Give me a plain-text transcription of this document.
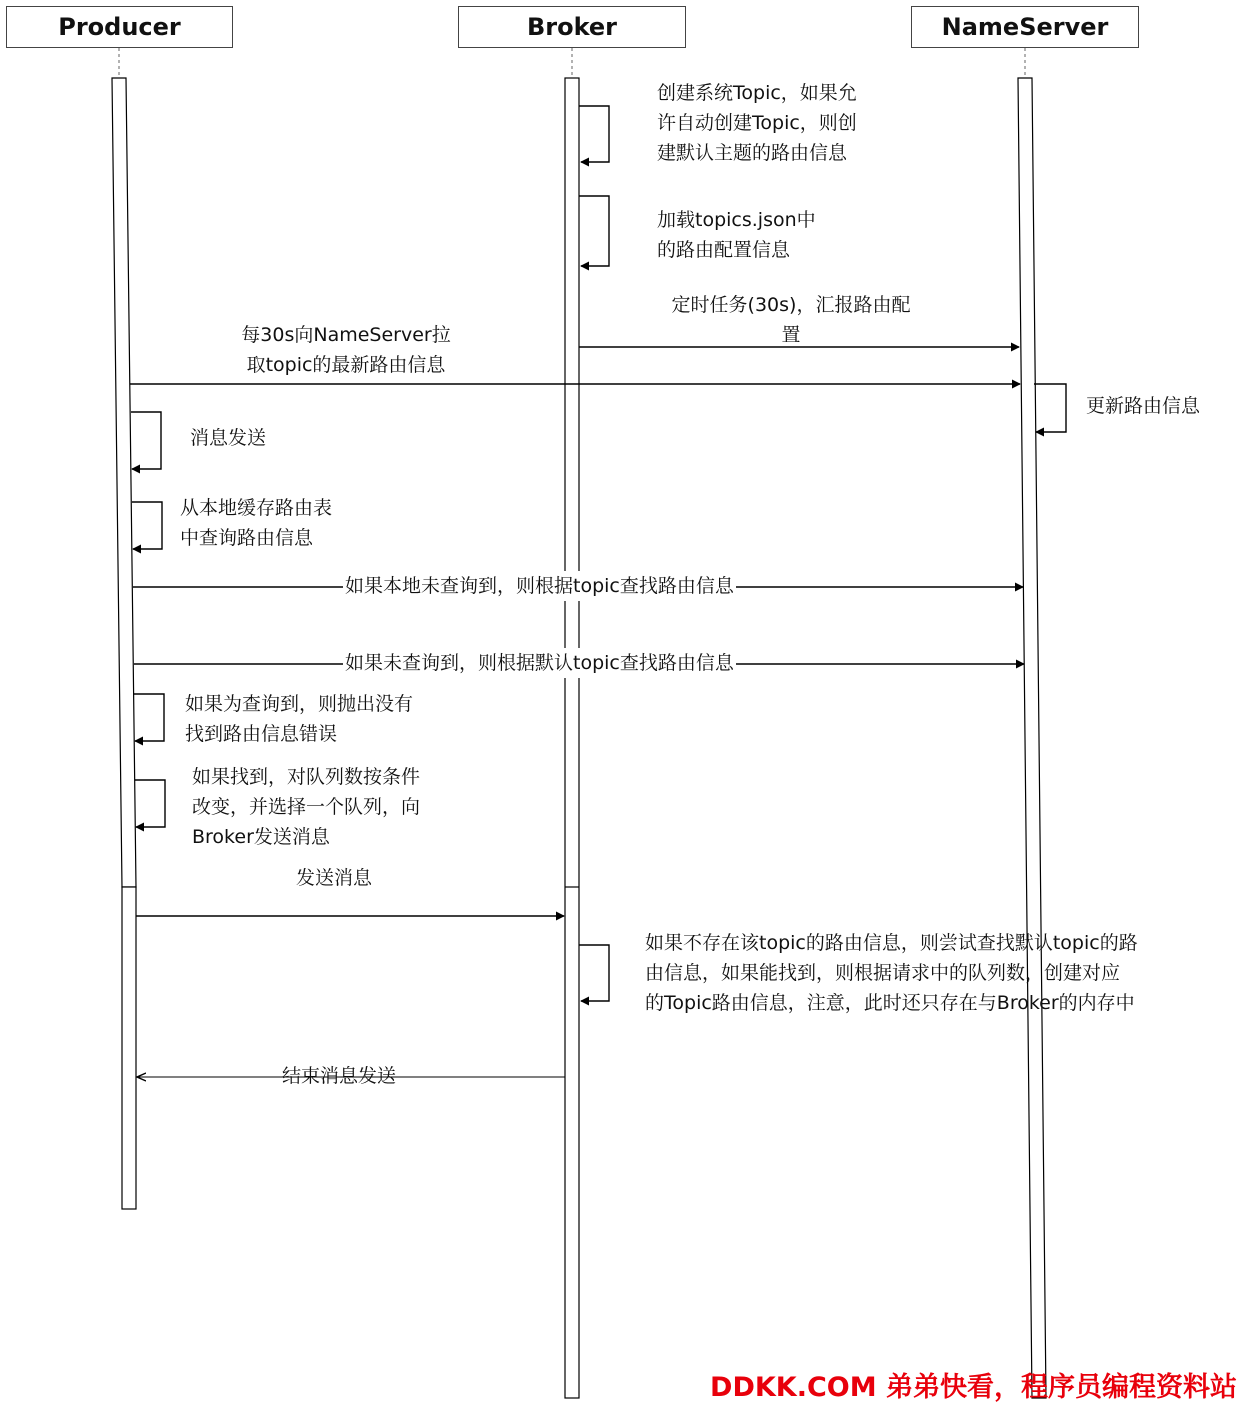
Producer	Broker	NameServer
创建系统Topic，如果允
许自动创建Topic，则创
建默认主题的路由信息
加载topics.json中
的路由配置信息
定时任务(30s)，汇报路由配
置
每30s向NameServer拉
取topic的最新路由信息
更新路由信息
消息发送
从本地缓存路由表
中查询路由信息
如果本地未查询到，则根据topic查找路由信息
如果未查询到，则根据默认topic查找路由信息
如果为查询到，则抛出没有
找到路由信息错误
如果找到，对队列数按条件
改变，并选择一个队列，向
Broker发送消息
发送消息
如果不存在该topic的路由信息，则尝试查找默认topic的路
由信息，如果能找到，则根据请求中的队列数，创建对应
的Topic路由信息，注意，此时还只存在与Broker的内存中
结束消息发送
DDKK.COM 弟弟快看，程序员编程资料站
